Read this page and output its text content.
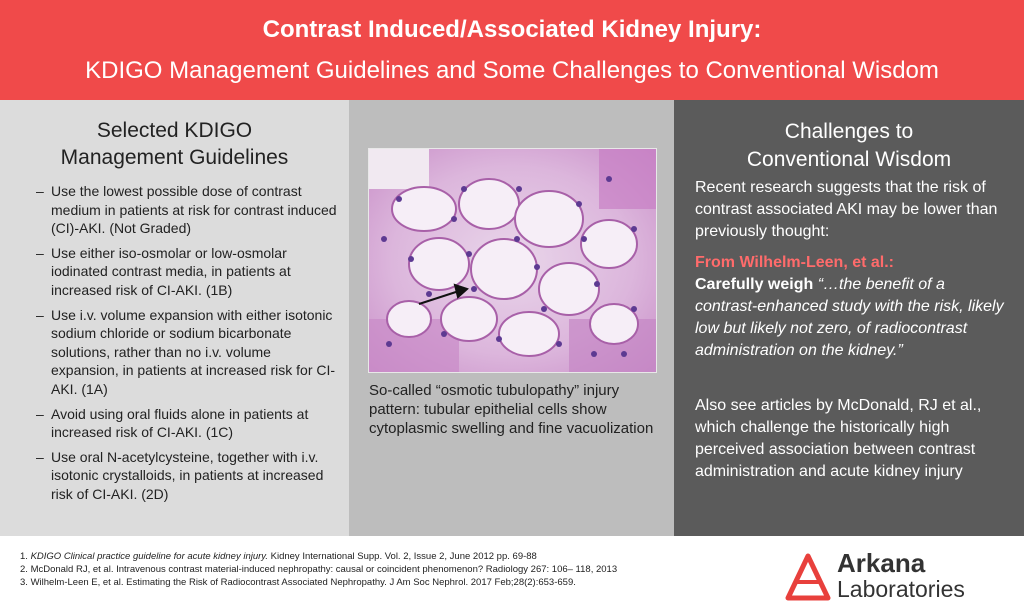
Contrast Induced/Associated Kidney Injury:
KDIGO Management Guidelines and Some Challenges to Conventional Wisdom
Selected KDIGO
Management Guidelines
– Use the lowest possible dose of contrast medium in patients at risk for contrast induced (CI)-AKI. (Not Graded)
– Use either iso-osmolar or low-osmolar iodinated contrast media, in patients at increased risk of CI-AKI. (1B)
– Use i.v. volume expansion with either isotonic sodium chloride or sodium bicarbonate solutions, rather than no i.v. volume expansion, in patients at increased risk for CI-AKI. (1A)
– Avoid using oral fluids alone in patients at increased risk of CI-AKI. (1C)
– Use oral N-acetylcysteine, together with i.v. isotonic crystalloids, in patients at increased risk of CI-AKI. (2D)
So-called “osmotic tubulopathy” injury pattern: tubular epithelial cells show cytoplasmic swelling and fine vacuolization
Challenges to
Conventional Wisdom
Recent research suggests that the risk of contrast associated AKI may be lower than previously thought:
From Wilhelm-Leen, et al.:
Carefully weigh “…the benefit of a contrast-enhanced study with the risk, likely low but likely not zero, of radiocontrast administration on the kidney.”
Also see articles by McDonald, RJ et al., which challenge the historically high perceived association between contrast administration and acute kidney injury
1. KDIGO Clinical practice guideline for acute kidney injury. Kidney International Supp. Vol. 2, Issue 2, June 2012 pp. 69-88
2. McDonald RJ, et al. Intravenous contrast material-induced nephropathy: causal or coincident phenomenon? Radiology 267: 106– 118, 2013
3. Wilhelm-Leen E, et al. Estimating the Risk of Radiocontrast Associated Nephropathy. J Am Soc Nephrol. 2017 Feb;28(2):653-659.
Arkana
Laboratories
